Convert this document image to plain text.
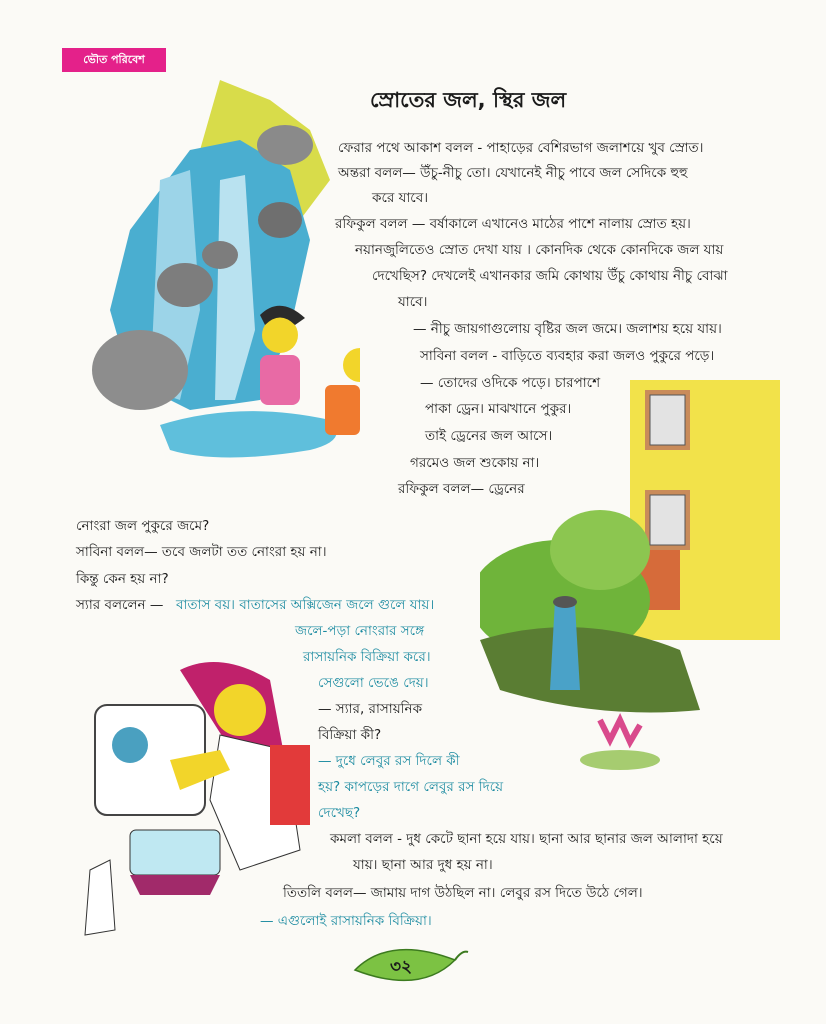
ভৌত পরিবেশ
স্রোতের জল, স্থির জল
ফেরার পথে আকাশ বলল - পাহাড়ের বেশিরভাগ জলাশয়ে খুব স্রোত।
অন্তরা বলল— উঁচু-নীচু তো। যেখানেই নীচু পাবে জল সেদিকে হুহু
করে যাবে।
রফিকুল বলল — বর্ষাকালে এখানেও মাঠের পাশে নালায় স্রোত হয়।
নয়ানজুলিতেও স্রোত দেখা যায় । কোনদিক থেকে কোনদিকে জল যায়
দেখেছিস? দেখলেই এখানকার জমি কোথায় উঁচু কোথায় নীচু বোঝা
যাবে।
— নীচু জায়গাগুলোয় বৃষ্টির জল জমে। জলাশয় হয়ে যায়।
সাবিনা বলল - বাড়িতে ব্যবহার করা জলও পুকুরে পড়ে।
— তোদের ওদিকে পড়ে। চারপাশে
পাকা ড্রেন। মাঝখানে পুকুর।
তাই ড্রেনের জল আসে।
গরমেও জল শুকোয় না।
রফিকুল বলল— ড্রেনের
নোংরা জল পুকুরে জমে?
সাবিনা বলল— তবে জলটা তত নোংরা হয় না।
কিন্তু কেন হয় না?
স্যার বললেন — বাতাস বয়। বাতাসের অক্সিজেন জলে গুলে যায়।
জলে-পড়া নোংরার সঙ্গে
রাসায়নিক বিক্রিয়া করে।
সেগুলো ভেঙে দেয়।
— স্যার, রাসায়নিক
বিক্রিয়া কী?
— দুধে লেবুর রস দিলে কী
হয়? কাপড়ের দাগে লেবুর রস দিয়ে
দেখেছ?
কমলা বলল - দুধ কেটে ছানা হয়ে যায়। ছানা আর ছানার জল আলাদা হয়ে
যায়। ছানা আর দুধ হয় না।
তিতলি বলল— জামায় দাগ উঠছিল না। লেবুর রস দিতে উঠে গেল।
— এগুলোই রাসায়নিক বিক্রিয়া।
৩২
